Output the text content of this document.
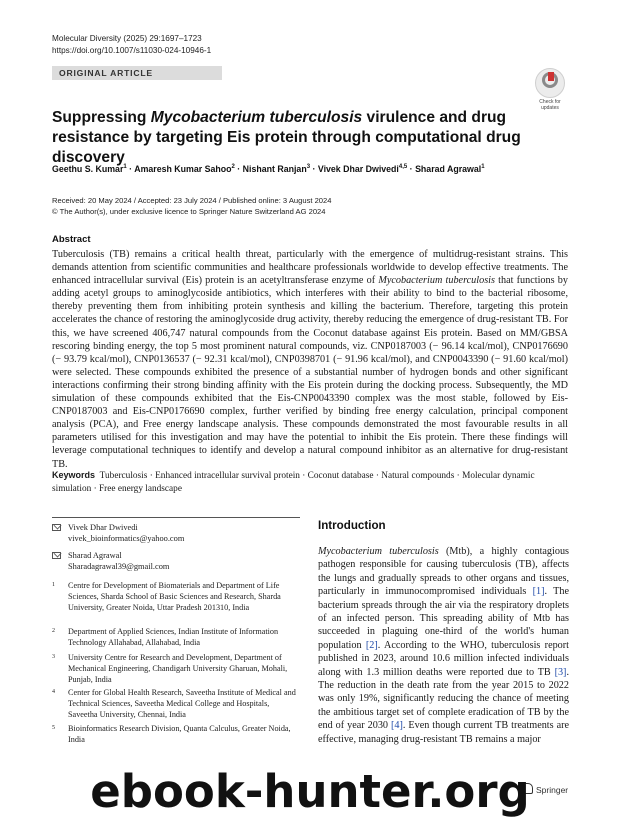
Molecular Diversity (2025) 29:1697–1723
https://doi.org/10.1007/s11030-024-10946-1
ORIGINAL ARTICLE
Check for
updates
Suppressing Mycobacterium tuberculosis virulence and drug resistance by targeting Eis protein through computational drug discovery
Geethu S. Kumar$^1$ · Amaresh Kumar Sahoo$^2$ · Nishant Ranjan$^3$ · Vivek Dhar Dwivedi$^{4,5}$ · Sharad Agrawal$^1$
Received: 20 May 2024 / Accepted: 23 July 2024 / Published online: 3 August 2024
© The Author(s), under exclusive licence to Springer Nature Switzerland AG 2024
Abstract
Tuberculosis (TB) remains a critical health threat, particularly with the emergence of multidrug-resistant strains. This demands attention from scientific communities and healthcare professionals worldwide to develop effective treatments. The enhanced intracellular survival (Eis) protein is an acetyltransferase enzyme of Mycobacterium tuberculosis that functions by adding acetyl groups to aminoglycoside antibiotics, which interferes with their ability to bind to the bacterial ribosome, thereby preventing them from inhibiting protein synthesis and killing the bacterium. Therefore, targeting this protein accelerates the chance of restoring the aminoglycoside drug activity, thereby reducing the emergence of drug-resistant TB. For this, we have screened 406,747 natural compounds from the Coconut database against Eis protein. Based on MM/GBSA rescoring binding energy, the top 5 most prominent natural compounds, viz. CNP0187003 (− 96.14 kcal/mol), CNP0176690 (− 93.79 kcal/mol), CNP0136537 (− 92.31 kcal/mol), CNP0398701 (− 91.96 kcal/mol), and CNP0043390 (− 91.60 kcal/mol) were selected. These compounds exhibited the presence of a substantial number of hydrogen bonds and other significant interactions confirming their strong binding affinity with the Eis protein during the docking process. Subsequently, the MD simulation of these compounds exhibited that the Eis-CNP0043390 complex was the most stable, followed by Eis-CNP0187003 and Eis-CNP0176690 complex, further verified by binding free energy calculation, principal component analysis (PCA), and Free energy landscape analysis. These compounds demonstrated the most favourable results in all parameters utilised for this investigation and may have the potential to inhibit the Eis protein. There these findings will leverage computational techniques to identify and develop a natural compound inhibitor as an alternative for drug-resistant TB.
Keywords Tuberculosis · Enhanced intracellular survival protein · Coconut database · Natural compounds · Molecular dynamic simulation · Free energy landscape
Vivek Dhar Dwivedi
vivek_bioinformatics@yahoo.com
Sharad Agrawal
Sharadagrawal39@gmail.com
1 Centre for Development of Biomaterials and Department of Life Sciences, Sharda School of Basic Sciences and Research, Sharda University, Greater Noida, Uttar Pradesh 201310, India
2 Department of Applied Sciences, Indian Institute of Information Technology Allahabad, Allahabad, India
3 University Centre for Research and Development, Department of Mechanical Engineering, Chandigarh University Gharuan, Mohali, Punjab, India
4 Center for Global Health Research, Saveetha Institute of Medical and Technical Sciences, Saveetha Medical College and Hospitals, Saveetha University, Chennai, India
5 Bioinformatics Research Division, Quanta Calculus, Greater Noida, India
Introduction
Mycobacterium tuberculosis (Mtb), a highly contagious pathogen responsible for causing tuberculosis (TB), affects the lungs and gradually spreads to other organs and tissues, particularly in immunocompromised individuals [1]. The bacterium spreads through the air via the respiratory droplets of an infected person. This spreading ability of Mtb has succeeded in plaguing one-third of the world's human population [2]. According to the WHO, tuberculosis report published in 2023, around 10.6 million infected individuals along with 1.3 million deaths were reported due to TB [3]. The reduction in the death rate from the year 2015 to 2022 was only 19%, significantly reducing the chance of meeting the ambitious target set of complete eradication of TB by the end of year 2030 [4]. Even though current TB treatments are effective, managing drug-resistant TB remains a major
Springer
ebook-hunter.org
